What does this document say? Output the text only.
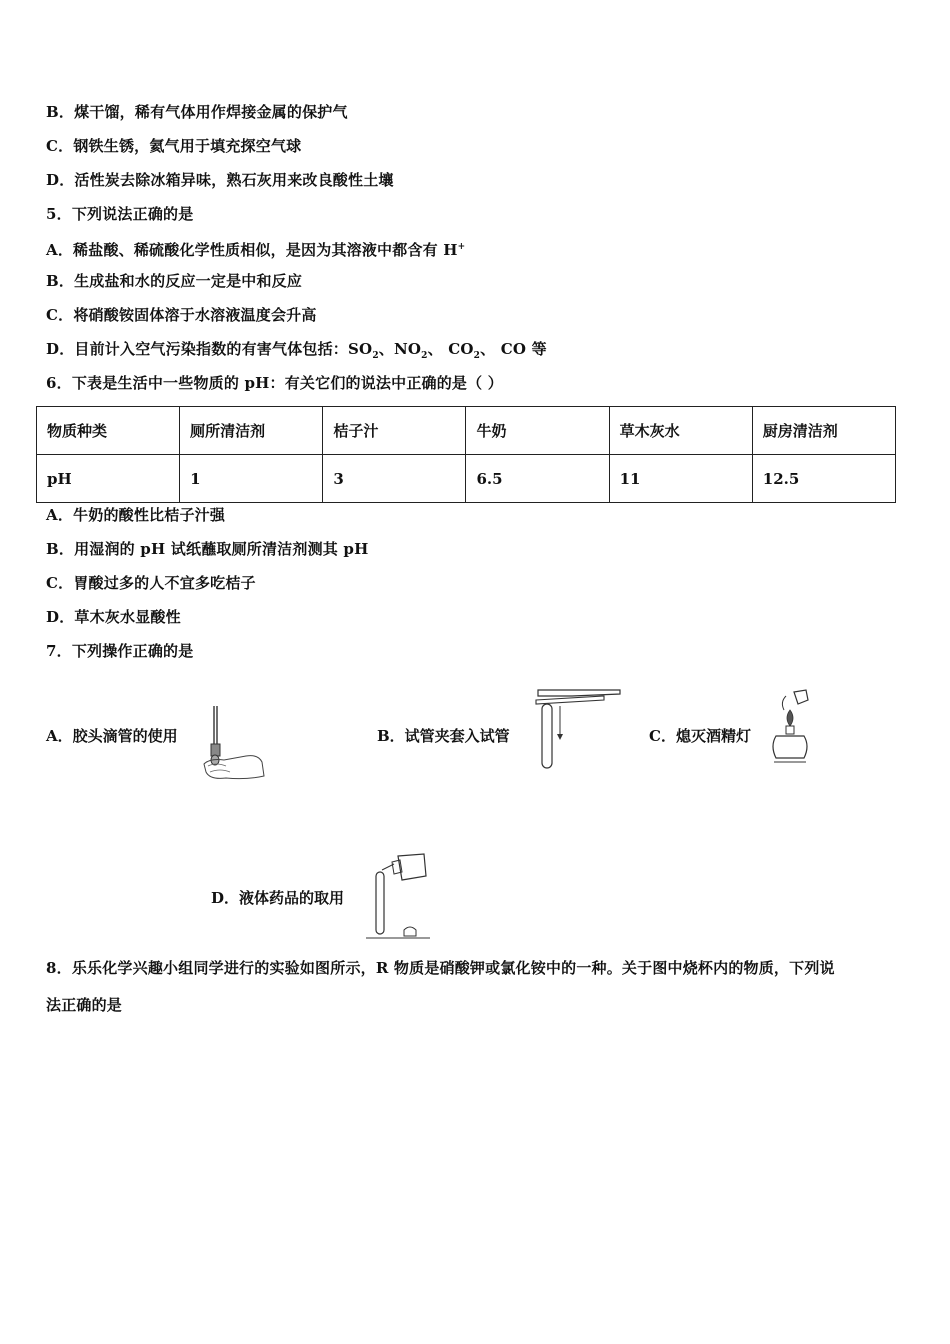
B．煤干馏，稀有气体用作焊接金属的保护气
C．钢铁生锈，氦气用于填充探空气球
D．活性炭去除冰箱异味，熟石灰用来改良酸性土壤
5．下列说法正确的是
A．稀盐酸、稀硫酸化学性质相似，是因为其溶液中都含有 H+
B．生成盐和水的反应一定是中和反应
C．将硝酸铵固体溶于水溶液温度会升高
D．目前计入空气污染指数的有害气体包括：$SO_2$、$NO_2$、 $CO_2$、 CO 等
6．下表是生活中一些物质的 pH：有关它们的说法中正确的是（ ）
物质种类	厕所清洁剂	桔子汁	牛奶	草木灰水	厨房清洁剂
pH	1	3	6.5	11	12.5
A．牛奶的酸性比桔子汁强
B．用湿润的 pH 试纸蘸取厕所清洁剂测其 pH
C．胃酸过多的人不宜多吃桔子
D．草木灰水显酸性
7．下列操作正确的是
A．胶头滴管的使用	B．试管夹套入试管	C．熄灭酒精灯
D．液体药品的取用
8．乐乐化学兴趣小组同学进行的实验如图所示，R 物质是硝酸钾或氯化铵中的一种。关于图中烧杯内的物质，下列说
法正确的是
